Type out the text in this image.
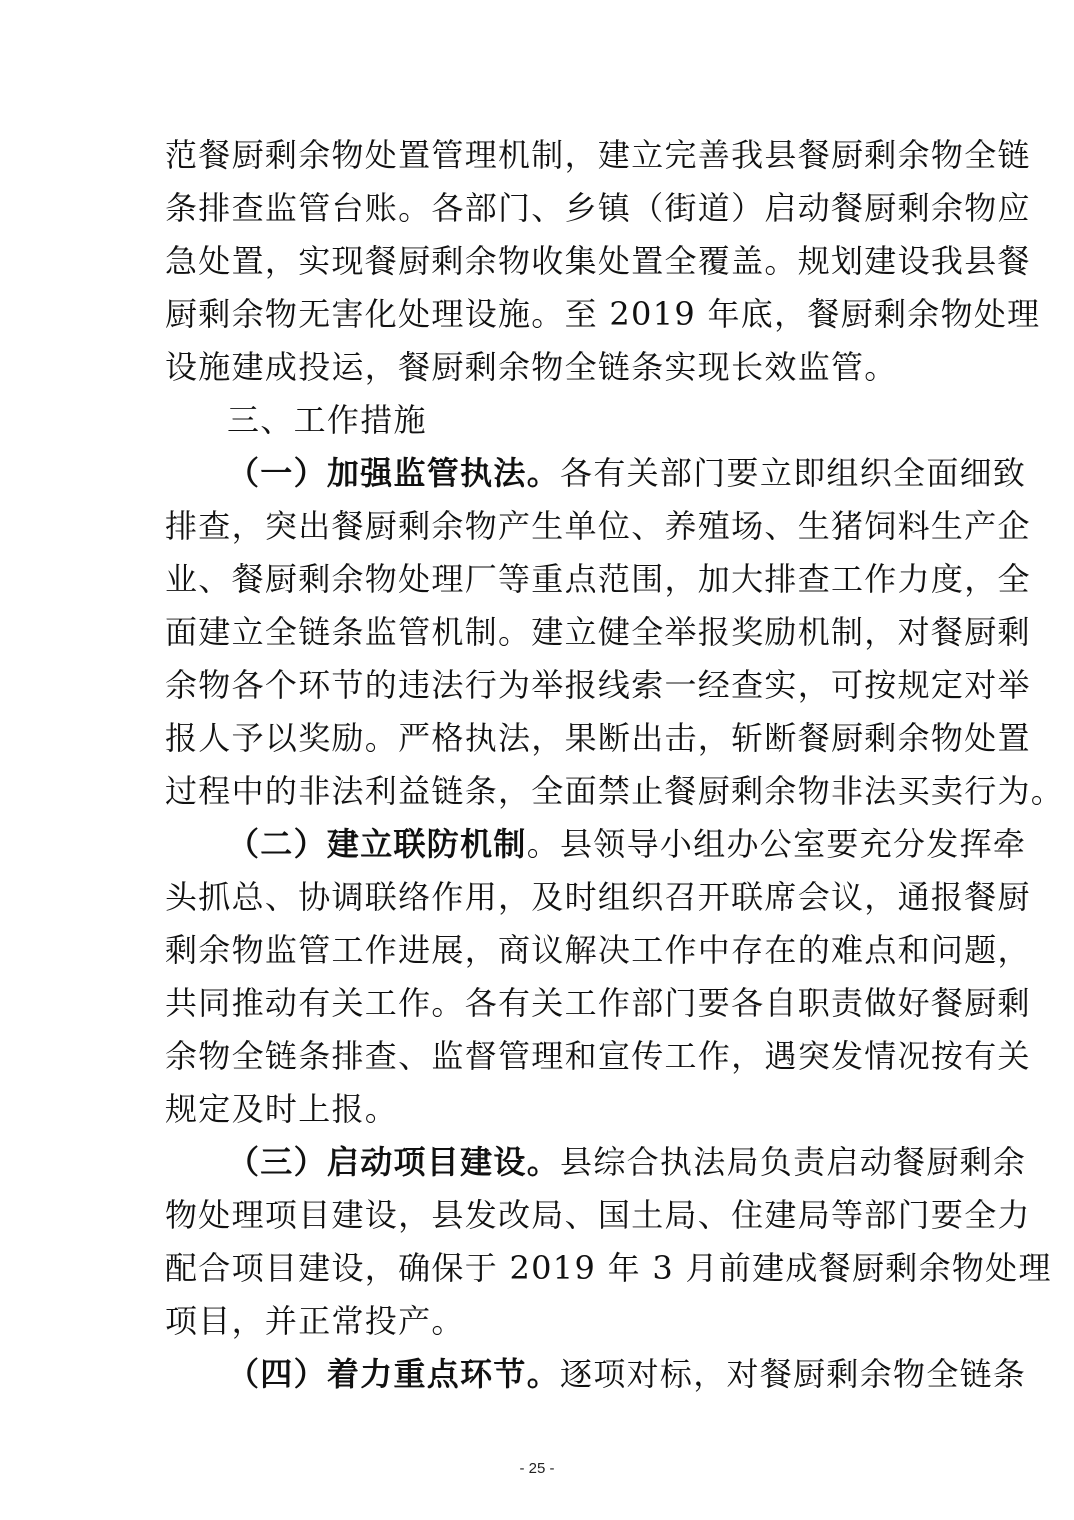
范餐厨剩余物处置管理机制，建立完善我县餐厨剩余物全链
条排查监管台账。各部门、乡镇（街道）启动餐厨剩余物应
急处置，实现餐厨剩余物收集处置全覆盖。规划建设我县餐
厨剩余物无害化处理设施。至 2019 年底，餐厨剩余物处理
设施建成投运，餐厨剩余物全链条实现长效监管。
三、工作措施
（一）加强监管执法。各有关部门要立即组织全面细致
排查，突出餐厨剩余物产生单位、养殖场、生猪饲料生产企
业、餐厨剩余物处理厂等重点范围，加大排查工作力度，全
面建立全链条监管机制。建立健全举报奖励机制，对餐厨剩
余物各个环节的违法行为举报线索一经查实，可按规定对举
报人予以奖励。严格执法，果断出击，斩断餐厨剩余物处置
过程中的非法利益链条，全面禁止餐厨剩余物非法买卖行为。
（二）建立联防机制。县领导小组办公室要充分发挥牵
头抓总、协调联络作用，及时组织召开联席会议，通报餐厨
剩余物监管工作进展，商议解决工作中存在的难点和问题，
共同推动有关工作。各有关工作部门要各自职责做好餐厨剩
余物全链条排查、监督管理和宣传工作，遇突发情况按有关
规定及时上报。
（三）启动项目建设。县综合执法局负责启动餐厨剩余
物处理项目建设，县发改局、国土局、住建局等部门要全力
配合项目建设，确保于 2019 年 3 月前建成餐厨剩余物处理
项目，并正常投产。
（四）着力重点环节。逐项对标，对餐厨剩余物全链条
- 25 -
